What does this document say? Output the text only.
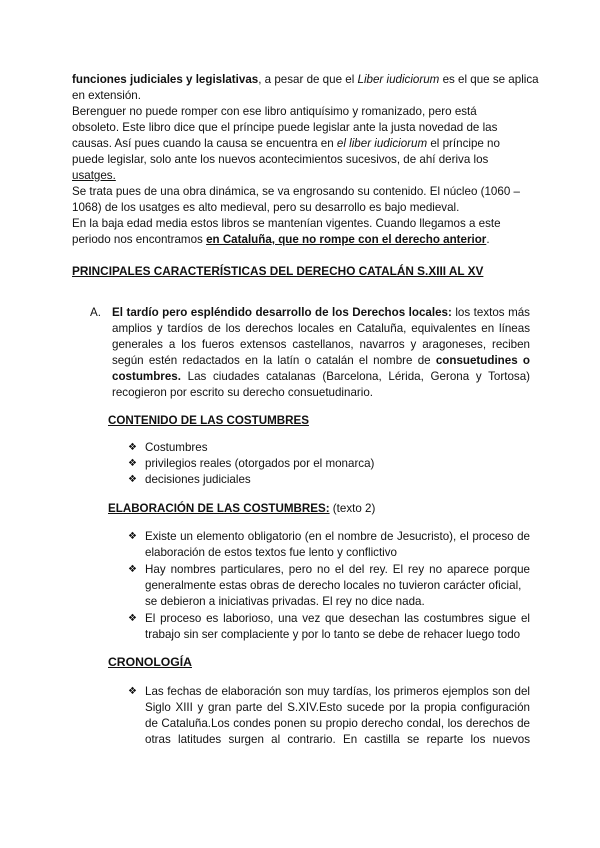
funciones judiciales y legislativas, a pesar de que el Liber iudiciorum es el que se aplica
en extensión.
Berenguer no puede romper con ese libro antiquísimo y romanizado, pero está
obsoleto. Este libro dice que el príncipe puede legislar ante la justa novedad de las
causas. Así pues cuando la causa se encuentra en el liber iudiciorum el príncipe no
puede legislar, solo ante los nuevos acontecimientos sucesivos, de ahí deriva los
usatges.
Se trata pues de una obra dinámica, se va engrosando su contenido. El núcleo (1060 –
1068) de los usatges es alto medieval, pero su desarrollo es bajo medieval.
En la baja edad media estos libros se mantenían vigentes. Cuando llegamos a este
periodo nos encontramos en Cataluña, que no rompe con el derecho anterior.
PRINCIPALES CARACTERÍSTICAS DEL DERECHO CATALÁN S.XIII AL XV
A. El tardío pero espléndido desarrollo de los Derechos locales: los textos más
amplios y tardíos de los derechos locales en Cataluña, equivalentes en líneas
generales a los fueros extensos castellanos, navarros y aragoneses, reciben
según estén redactados en la latín o catalán el nombre de consuetudines o
costumbres. Las ciudades catalanas (Barcelona, Lérida, Gerona y Tortosa)
recogieron por escrito su derecho consuetudinario.
CONTENIDO DE LAS COSTUMBRES
❖ Costumbres
❖ privilegios reales (otorgados por el monarca)
❖ decisiones judiciales
ELABORACIÓN DE LAS COSTUMBRES: (texto 2)
❖ Existe un elemento obligatorio (en el nombre de Jesucristo), el proceso de
elaboración de estos textos fue lento y conflictivo
❖ Hay nombres particulares, pero no el del rey. El rey no aparece porque
generalmente estas obras de derecho locales no tuvieron carácter oficial,
se debieron a iniciativas privadas. El rey no dice nada.
❖ El proceso es laborioso, una vez que desechan las costumbres sigue el
trabajo sin ser complaciente y por lo tanto se debe de rehacer luego todo
CRONOLOGÍA
❖ Las fechas de elaboración son muy tardías, los primeros ejemplos son del
Siglo XIII y gran parte del S.XIV.Esto sucede por la propia configuración
de Cataluña.Los condes ponen su propio derecho condal, los derechos de
otras latitudes surgen al contrario. En castilla se reparte los nuevos
